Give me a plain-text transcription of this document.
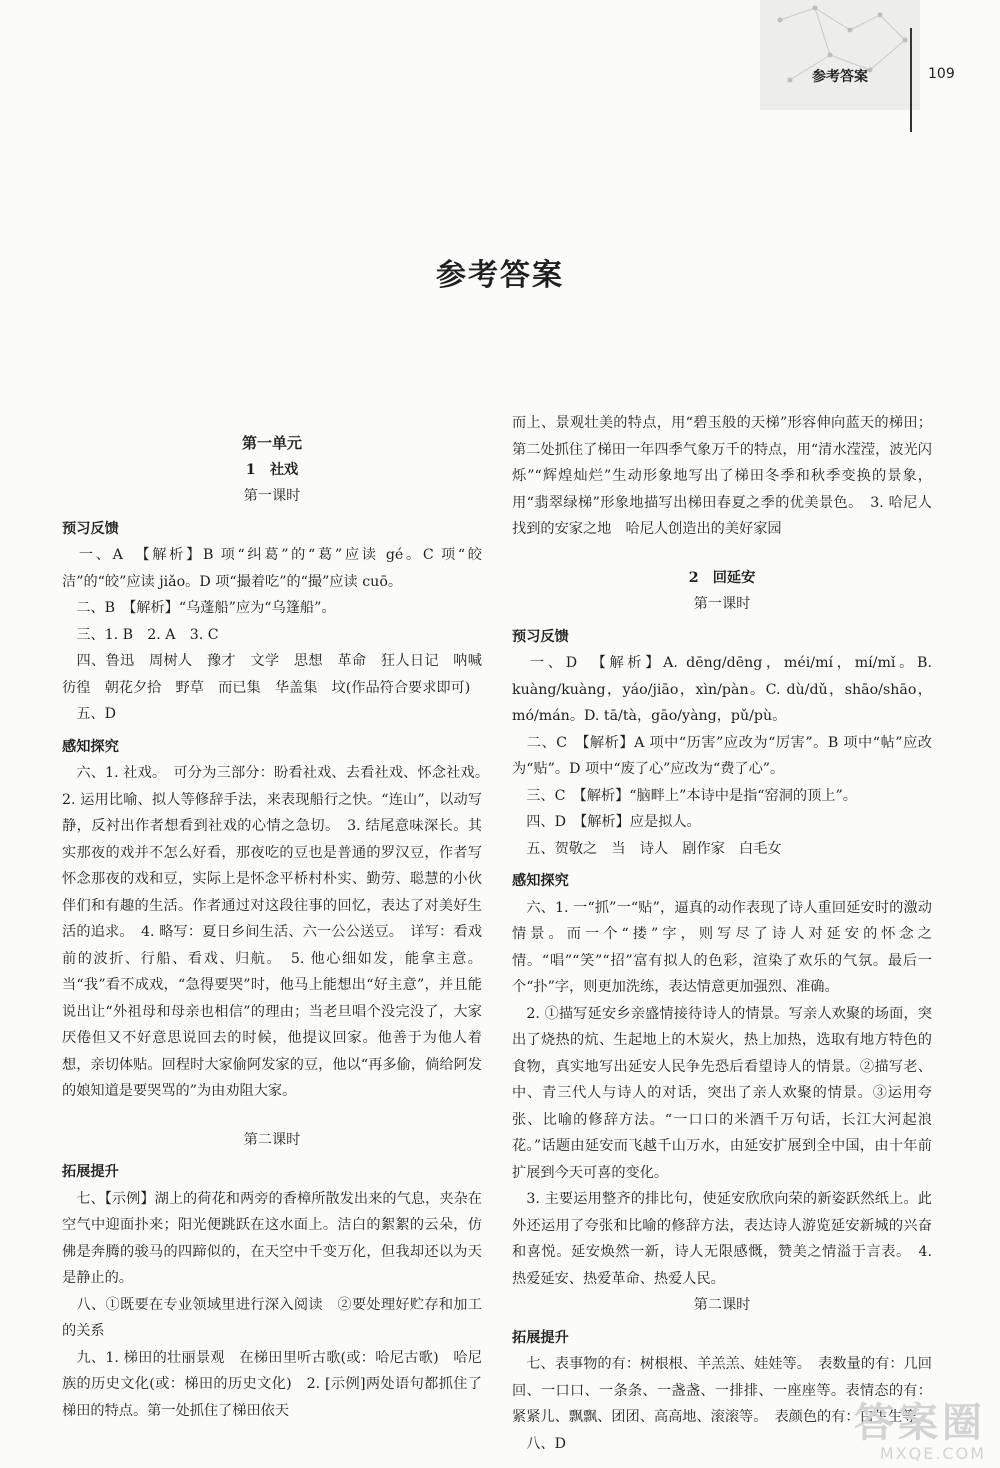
参考答案	109
参考答案

第一单元

1　社戏

第一课时

预习反馈

　一、A　【解析】B 项“纠葛”的“葛”应读 gé。C 项“皎洁”的“皎”应读 jiǎo。D 项“撮着吃”的“撮”应读 cuō。

　二、B　【解析】“乌蓬船”应为“乌篷船”。

　三、1. B　2. A　3. C

　四、鲁迅　周树人　豫才　文学　思想　革命　狂人日记　呐喊　彷徨　朝花夕拾　野草　而已集　华盖集　坟(作品符合要求即可)

　五、D

感知探究

　六、1. 社戏。　可分为三部分：盼看社戏、去看社戏、怀念社戏。　2. 运用比喻、拟人等修辞手法，来表现船行之快。“连山”，以动写静，反衬出作者想看到社戏的心情之急切。　3. 结尾意味深长。其实那夜的戏并不怎么好看，那夜吃的豆也是普通的罗汉豆，作者写怀念那夜的戏和豆，实际上是怀念平桥村朴实、勤劳、聪慧的小伙伴们和有趣的生活。作者通过对这段往事的回忆，表达了对美好生活的追求。　4. 略写：夏日乡间生活、六一公公送豆。　详写：看戏前的波折、行船、看戏、归航。　5. 他心细如发，能拿主意。当“我”看不成戏，“急得要哭”时，他马上能想出“好主意”，并且能说出让“外祖母和母亲也相信”的理由；当老旦唱个没完没了，大家厌倦但又不好意思说回去的时候，他提议回家。他善于为他人着想，亲切体贴。回程时大家偷阿发家的豆，他以“再多偷，倘给阿发的娘知道是要哭骂的”为由劝阻大家。

第二课时

拓展提升

　七、【示例】湖上的荷花和两旁的香樟所散发出来的气息，夹杂在空气中迎面扑来；阳光便跳跃在这水面上。洁白的絮絮的云朵，仿佛是奔腾的骏马的四蹄似的，在天空中千变万化，但我却还以为天是静止的。

　八、①既要在专业领域里进行深入阅读　②要处理好贮存和加工的关系

　九、1. 梯田的壮丽景观　在梯田里听古歌(或：哈尼古歌)　哈尼族的历史文化(或：梯田的历史文化)　2. [示例]两处语句都抓住了梯田的特点。第一处抓住了梯田依天

而上、景观壮美的特点，用“碧玉般的天梯”形容伸向蓝天的梯田；第二处抓住了梯田一年四季气象万千的特点，用“清水滢滢，波光闪烁”“辉煌灿烂”生动形象地写出了梯田冬季和秋季变换的景象，用“翡翠绿梯”形象地描写出梯田春夏之季的优美景色。　3. 哈尼人找到的安家之地　哈尼人创造出的美好家园

2　回延安

第一课时

预习反馈

　一、D　【解析】A. dēng/dēng，méi/mí，mí/mǐ。B. kuàng/kuàng，yáo/jiāo，xìn/pàn。C. dù/dǔ，shāo/shāo，mó/mán。D. tā/tà，gāo/yàng，pǔ/pù。

　二、C　【解析】A 项中“历害”应改为“厉害”。B 项中“帖”应改为“贴”。D 项中“废了心”应改为“费了心”。

　三、C　【解析】“脑畔上”本诗中是指“窑洞的顶上”。

　四、D　【解析】应是拟人。

　五、贺敬之　当　诗人　剧作家　白毛女

感知探究

　六、1. 一“抓”一“贴”，逼真的动作表现了诗人重回延安时的激动情景。而一个“搂”字，则写尽了诗人对延安的怀念之情。“唱”“笑”“招”富有拟人的色彩，渲染了欢乐的气氛。最后一个“扑”字，则更加洗练，表达情意更加强烈、准确。

　2. ①描写延安乡亲盛情接待诗人的情景。写亲人欢聚的场面，突出了烧热的炕、生起地上的木炭火，热上加热，选取有地方特色的食物，真实地写出延安人民争先恐后看望诗人的情景。②描写老、中、青三代人与诗人的对话，突出了亲人欢聚的情景。③运用夸张、比喻的修辞方法。“一口口的米酒千万句话，长江大河起浪花。”话题由延安而飞越千山万水，由延安扩展到全中国，由十年前扩展到今天可喜的变化。

　3. 主要运用整齐的排比句，使延安欣欣向荣的新姿跃然纸上。此外还运用了夸张和比喻的修辞方法，表达诗人游览延安新城的兴奋和喜悦。延安焕然一新，诗人无限感慨，赞美之情溢于言表。　4. 热爱延安、热爱革命、热爱人民。

第二课时

拓展提升

　七、表事物的有：树根根、羊羔羔、娃娃等。　表数量的有：几回回、一口口、一条条、一盏盏、一排排、一座座等。表情态的有：紧紧儿、飘飘、团团、高高地、滚滚等。　表颜色的有：白生生等。

　八、D	答案圈
MXQE.COM
